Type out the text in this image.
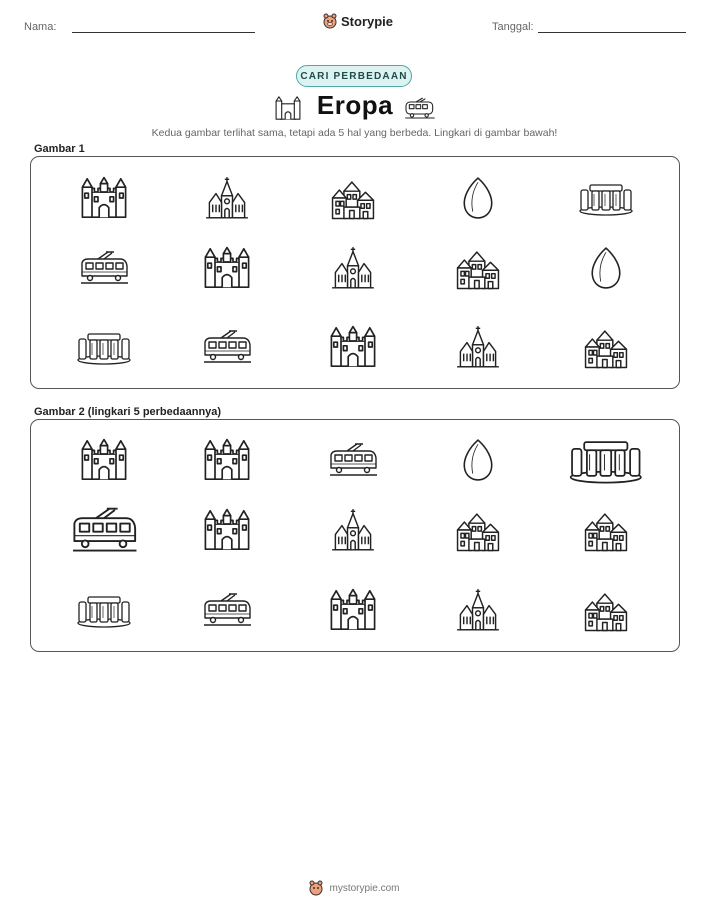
Nama:	Storypie	Tanggal:
CARI PERBEDAAN
Eropa
Kedua gambar terlihat sama, tetapi ada 5 hal yang berbeda. Lingkari di gambar bawah!
Gambar 1
Gambar 2 (lingkari 5 perbedaannya)
mystorypie.com
